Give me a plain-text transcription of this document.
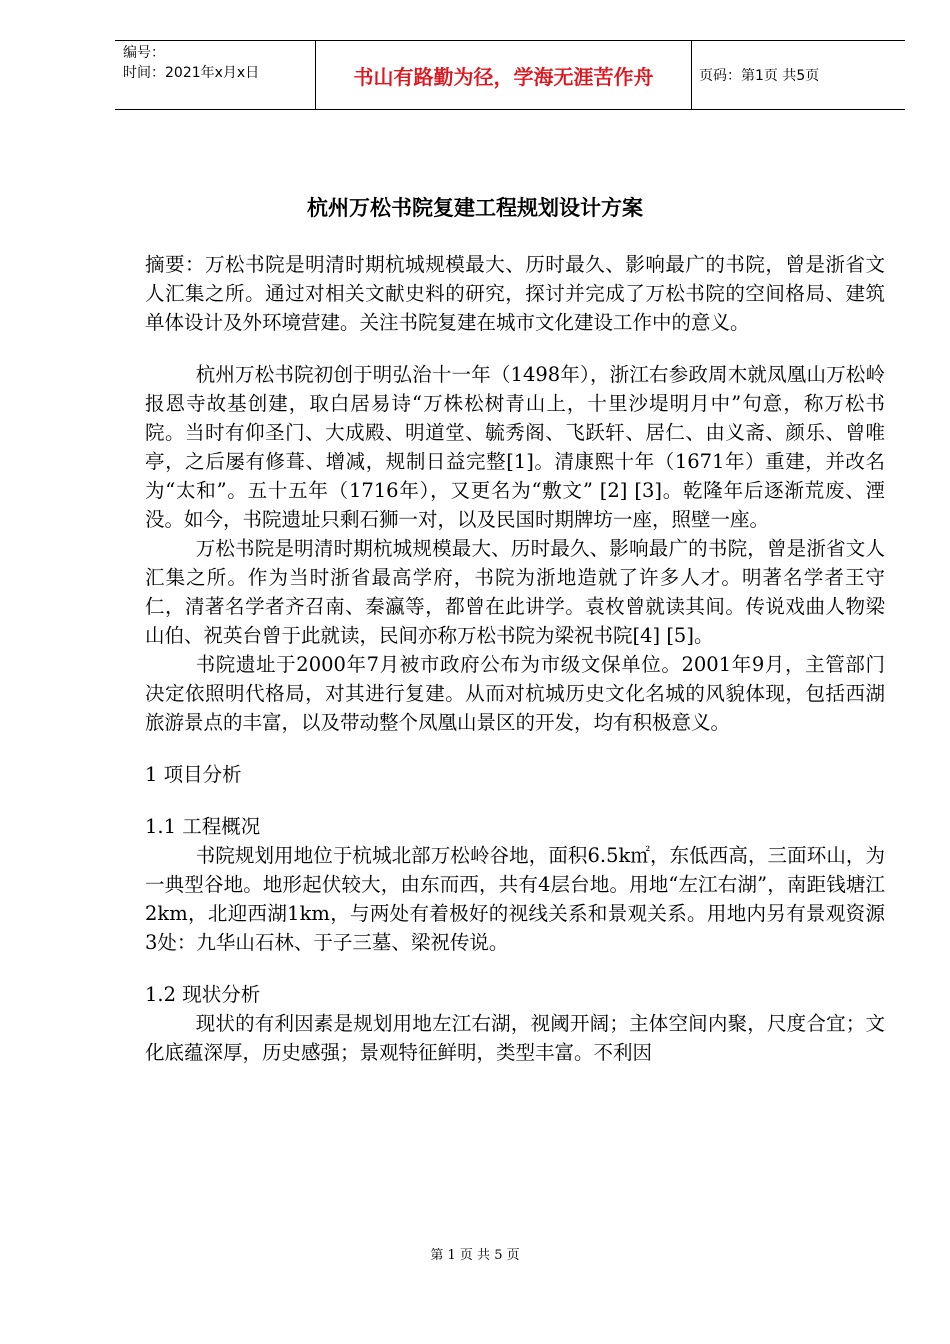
编号：
时间：2021年x月x日	书山有路勤为径，学海无涯苦作舟	页码：第1页 共5页
杭州万松书院复建工程规划设计方案

摘要：万松书院是明清时期杭城规模最大、历时最久、影响最广的书院，曾是浙省文人汇集之所。通过对相关文献史料的研究，探讨并完成了万松书院的空间格局、建筑单体设计及外环境营建。关注书院复建在城市文化建设工作中的意义。

杭州万松书院初创于明弘治十一年（1498年），浙江右参政周木就凤凰山万松岭报恩寺故基创建，取白居易诗“万株松树青山上，十里沙堤明月中”句意，称万松书院。当时有仰圣门、大成殿、明道堂、毓秀阁、飞跃轩、居仁、由义斋、颜乐、曾唯亭，之后屡有修葺、增减，规制日益完整[1]。清康熙十年（1671年）重建，并改名为“太和”。五十五年（1716年），又更名为“敷文” [2] [3]。乾隆年后逐渐荒废、湮没。如今，书院遗址只剩石狮一对，以及民国时期牌坊一座，照壁一座。

万松书院是明清时期杭城规模最大、历时最久、影响最广的书院，曾是浙省文人汇集之所。作为当时浙省最高学府，书院为浙地造就了许多人才。明著名学者王守仁，清著名学者齐召南、秦瀛等，都曾在此讲学。袁枚曾就读其间。传说戏曲人物梁山伯、祝英台曾于此就读，民间亦称万松书院为梁祝书院[4] [5]。

书院遗址于2000年7月被市政府公布为市级文保单位。2001年9月，主管部门决定依照明代格局，对其进行复建。从而对杭城历史文化名城的风貌体现，包括西湖旅游景点的丰富，以及带动整个凤凰山景区的开发，均有积极意义。

1 项目分析

1.1 工程概况

书院规划用地位于杭城北部万松岭谷地，面积6.5k㎡，东低西高，三面环山，为一典型谷地。地形起伏较大，由东而西，共有4层台地。用地“左江右湖”，南距钱塘江2km，北迎西湖1km，与两处有着极好的视线关系和景观关系。用地内另有景观资源3处：九华山石林、于子三墓、梁祝传说。

1.2 现状分析

现状的有利因素是规划用地左江右湖，视阈开阔；主体空间内聚，尺度合宜；文化底蕴深厚，历史感强；景观特征鲜明，类型丰富。不利因

第 1 页 共 5 页
